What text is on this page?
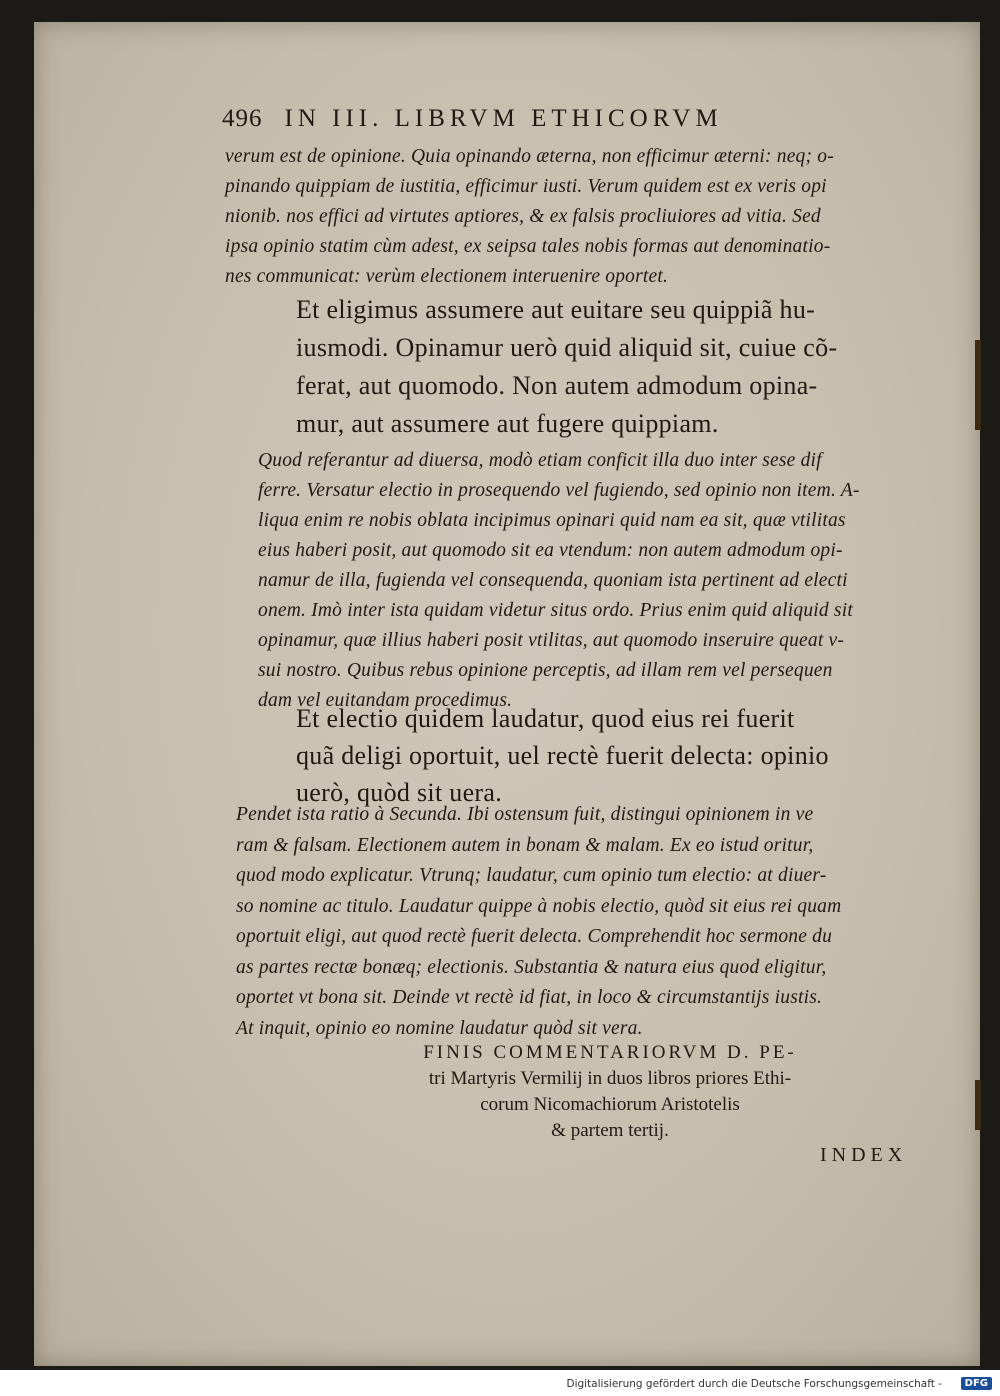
496 IN III. LIBRVM ETHICORVM
verum est de opinione. Quia opinando æterna, non efficimur æterni: neq; o-
pinando quippiam de iustitia, efficimur iusti. Verum quidem est ex veris opi
nionib. nos effici ad virtutes aptiores, & ex falsis procliuiores ad vitia. Sed
ipsa opinio statim cùm adest, ex seipsa tales nobis formas aut denominatio-
nes communicat: verùm electionem interuenire oportet.
Et eligimus assumere aut euitare seu quippiã hu-
iusmodi. Opinamur uerò quid aliquid sit, cuiue cõ-
ferat, aut quomodo. Non autem admodum opina-
mur, aut assumere aut fugere quippiam.
Quod referantur ad diuersa, modò etiam conficit illa duo inter sese dif
ferre. Versatur electio in prosequendo vel fugiendo, sed opinio non item. A-
liqua enim re nobis oblata incipimus opinari quid nam ea sit, quæ vtilitas
eius haberi posit, aut quomodo sit ea vtendum: non autem admodum opi-
namur de illa, fugienda vel consequenda, quoniam ista pertinent ad electi
onem. Imò inter ista quidam videtur situs ordo. Prius enim quid aliquid sit
opinamur, quæ illius haberi posit vtilitas, aut quomodo inseruire queat v-
sui nostro. Quibus rebus opinione perceptis, ad illam rem vel persequen
dam vel euitandam procedimus.
Et electio quidem laudatur, quod eius rei fuerit
quã deligi oportuit, uel rectè fuerit delecta: opinio
uerò, quòd sit uera.
Pendet ista ratio à Secunda. Ibi ostensum fuit, distingui opinionem in ve
ram & falsam. Electionem autem in bonam & malam. Ex eo istud oritur,
quod modo explicatur. Vtrunq; laudatur, cum opinio tum electio: at diuer-
so nomine ac titulo. Laudatur quippe à nobis electio, quòd sit eius rei quam
oportuit eligi, aut quod rectè fuerit delecta. Comprehendit hoc sermone du
as partes rectæ bonæq; electionis. Substantia & natura eius quod eligitur,
oportet vt bona sit. Deinde vt rectè id fiat, in loco & circumstantijs iustis.
At inquit, opinio eo nomine laudatur quòd sit vera.
FINIS COMMENTARIORVM D. PE-
tri Martyris Vermilij in duos libros priores Ethi-
corum Nicomachiorum Aristotelis
& partem tertij.
INDEX
Digitalisierung gefördert durch die Deutsche Forschungsgemeinschaft -	DFG
